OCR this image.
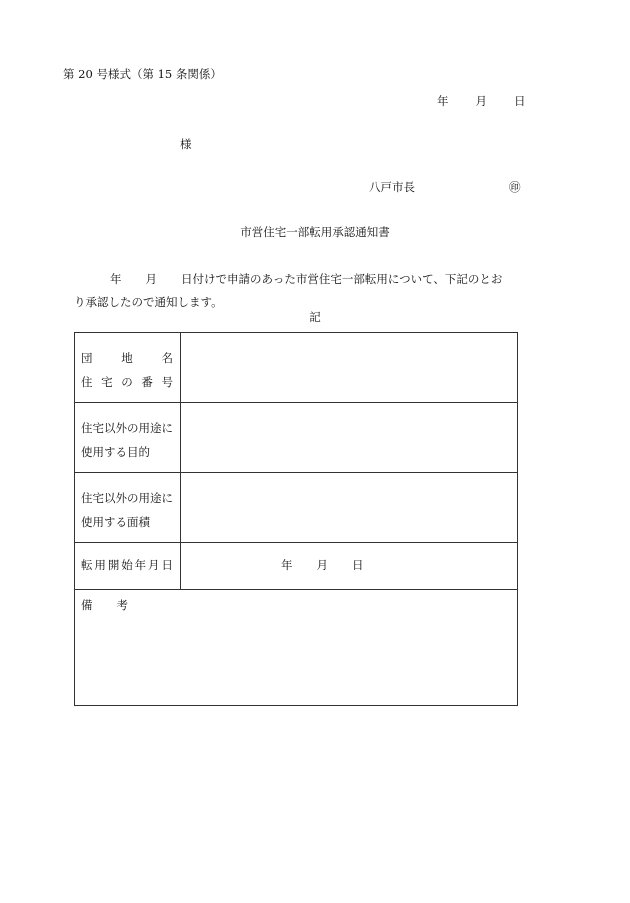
第 20 号様式（第 15 条関係）
年 月 日
様
八戸市長	㊞
市営住宅一部転用承認通知書
年 月 日付けで申請のあった市営住宅一部転用について、下記のとお
り承認したので通知します。
記
団	地	名
住 宅 の 番 号
住宅以外の用途に
使用する目的
住宅以外の用途に
使用する面積
転 用 開 始 年 月 日	年 月 日
備 考
